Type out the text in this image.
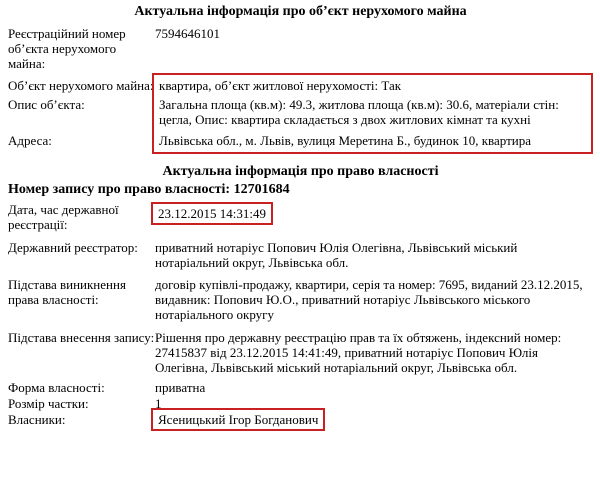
Актуальна інформація про об’єкт нерухомого майна
Реєстраційний номер об’єкта нерухомого майна:
7594646101
Об’єкт нерухомого майна: квартира, об’єкт житлової нерухомості: Так
Опис об’єкта:	Загальна площа (кв.м): 49.3, житлова площа (кв.м): 30.6, матеріали стін: цегла, Опис: квартира складається з двох житлових кімнат та кухні
Адреса:	Львівська обл., м. Львів, вулиця Меретина Б., будинок 10, квартира
Актуальна інформація про право власності
Номер запису про право власності: 12701684
Дата, час державної реєстрації:
23.12.2015 14:31:49
Державний реєстратор:	приватний нотаріус Попович Юлія Олегівна, Львівський міський нотаріальний округ, Львівська обл.
Підстава виникнення права власності:
договір купівлі-продажу, квартири, серія та номер: 7695, виданий 23.12.2015, видавник: Попович Ю.О., приватний нотаріус Львівського міського нотаріального округу
Підстава внесення запису: Рішення про державну реєстрацію прав та їх обтяжень, індексний номер: 27415837 від 23.12.2015 14:41:49, приватний нотаріус Попович Юлія Олегівна, Львівський міський нотаріальний округ, Львівська обл.
Форма власності:	приватна
Розмір частки:	1
Власники:	Ясеницький Ігор Богданович
